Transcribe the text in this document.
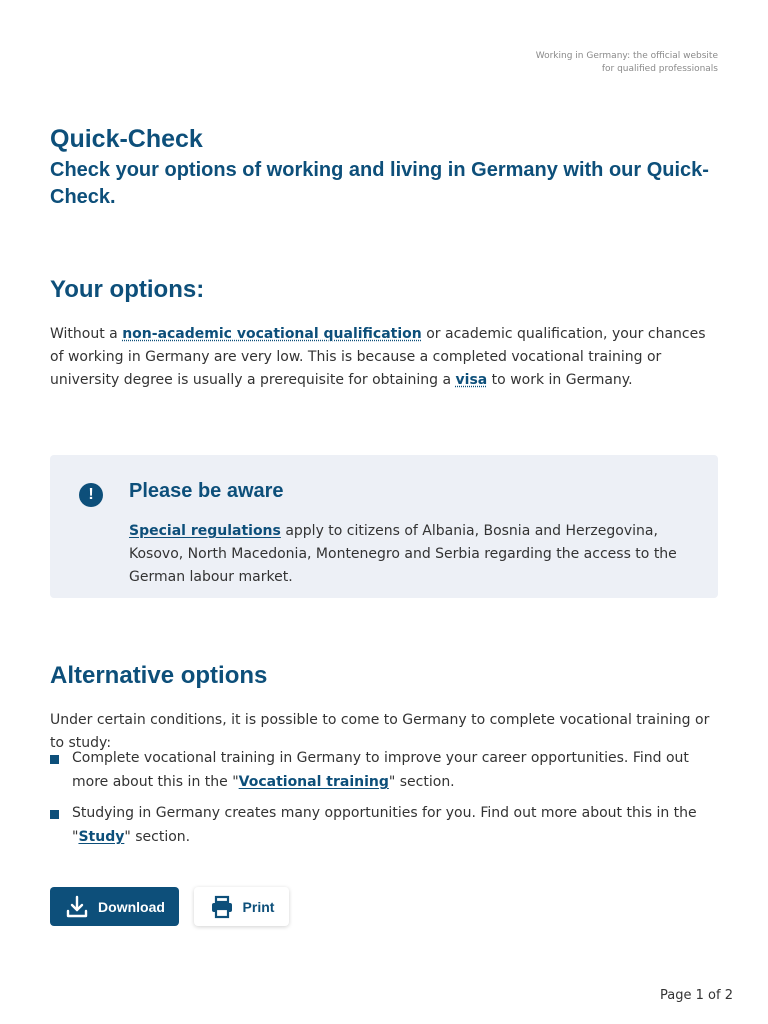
Working in Germany: the official website
for qualified professionals
Quick-Check
Check your options of working and living in Germany with our Quick-Check.
Your options:

Without a non-academic vocational qualification or academic qualification, your chances of working in Germany are very low. This is because a completed vocational training or university degree is usually a prerequisite for obtaining a visa to work in Germany.

!	Please be aware

Special regulations apply to citizens of Albania, Bosnia and Herzegovina, Kosovo, North Macedonia, Montenegro and Serbia regarding the access to the German labour market.

Alternative options

Under certain conditions, it is possible to come to Germany to complete vocational training or to study:

Complete vocational training in Germany to improve your career opportunities. Find out more about this in the "Vocational training" section.
Studying in Germany creates many opportunities for you. Find out more about this in the "Study" section.
Download	Print
Page 1 of 2
